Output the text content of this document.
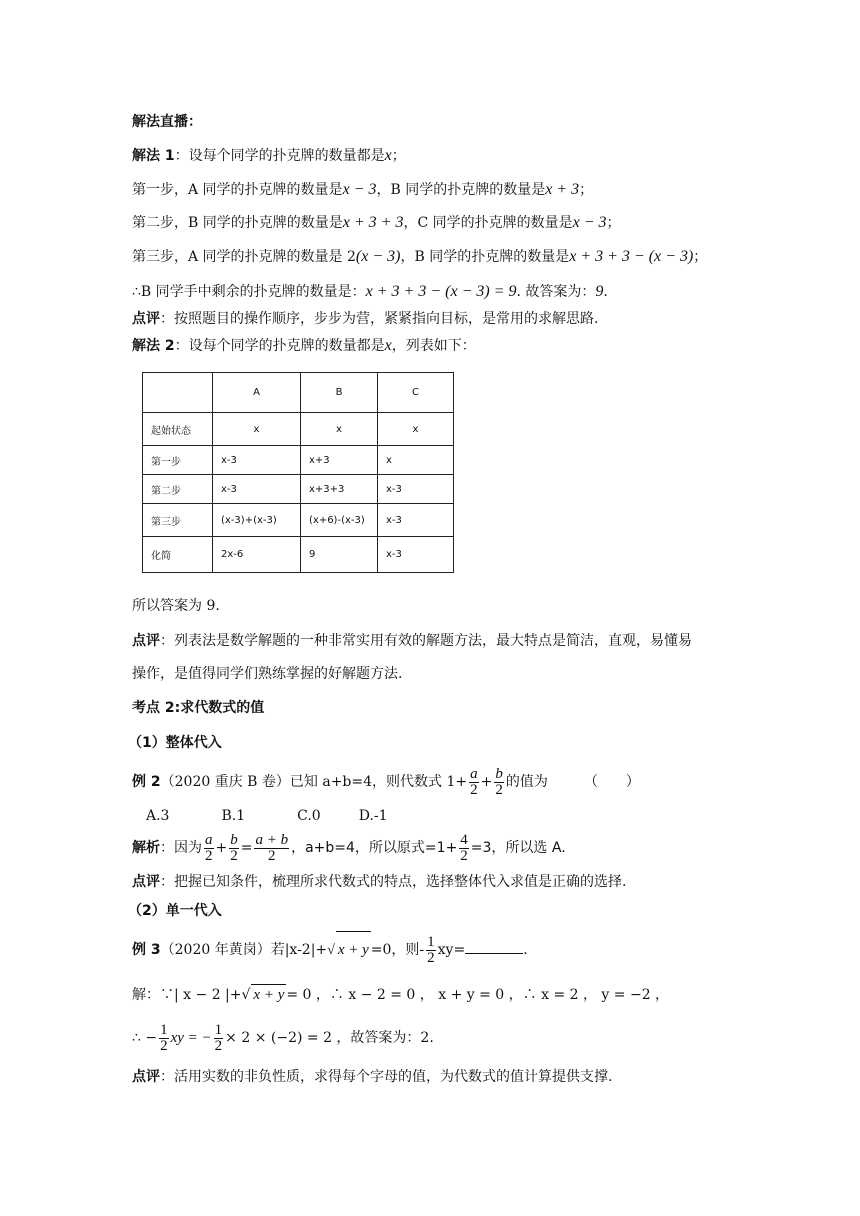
解法直播：
解法 1：设每个同学的扑克牌的数量都是x；
第一步，A 同学的扑克牌的数量是x − 3，B 同学的扑克牌的数量是x + 3；
第二步，B 同学的扑克牌的数量是x + 3 + 3，C 同学的扑克牌的数量是x − 3；
第三步，A 同学的扑克牌的数量是 2(x − 3)，B 同学的扑克牌的数量是x + 3 + 3 − (x − 3)；
∴B 同学手中剩余的扑克牌的数量是：x + 3 + 3 − (x − 3) = 9. 故答案为：9.
点评：按照题目的操作顺序，步步为营，紧紧指向目标，是常用的求解思路.
解法 2：设每个同学的扑克牌的数量都是x，列表如下：
	A	B	C
起始状态	x	x	x
第一步	x-3	x+3	x
第二步	x-3	x+3+3	x-3
第三步	(x-3)+(x-3)	(x+6)-(x-3)	x-3
化简	2x-6	9	x-3
所以答案为 9.
点评：列表法是数学解题的一种非常实用有效的解题方法，最大特点是简洁，直观，易懂易
操作，是值得同学们熟练掌握的好解题方法.
考点 2:求代数式的值
（1）整体代入
例 2（2020 重庆 B 卷）已知 a+b=4，则代数式 $1+ \frac{a}{2} + \frac{b}{2}$ 的值为	（　　）
A.3	B.1	C.0	D.-1
解析：因为 $\frac{a}{2} + \frac{b}{2} = \frac{a + b}{2}$ ，a+b=4，所以原式$=1+ \frac{4}{2} =3$，所以选 A.
点评：把握已知条件，梳理所求代数式的特点，选择整体代入求值是正确的选择.
（2）单一代入
例 3（2020 年黄岗）若|x-2|+√ x + y =0，则- $\frac{1}{2} xy=$	.
解：∵| x − 2 |+√ x + y = 0 ，∴ x − 2 = 0 ， x + y = 0 ，∴ x = 2 ， y = −2 ，
∴ − $\frac{1}{2}$ xy = − $\frac{1}{2} \times 2 \times (-2) = 2$ ，故答案为：2.
点评：活用实数的非负性质，求得每个字母的值，为代数式的值计算提供支撑.
